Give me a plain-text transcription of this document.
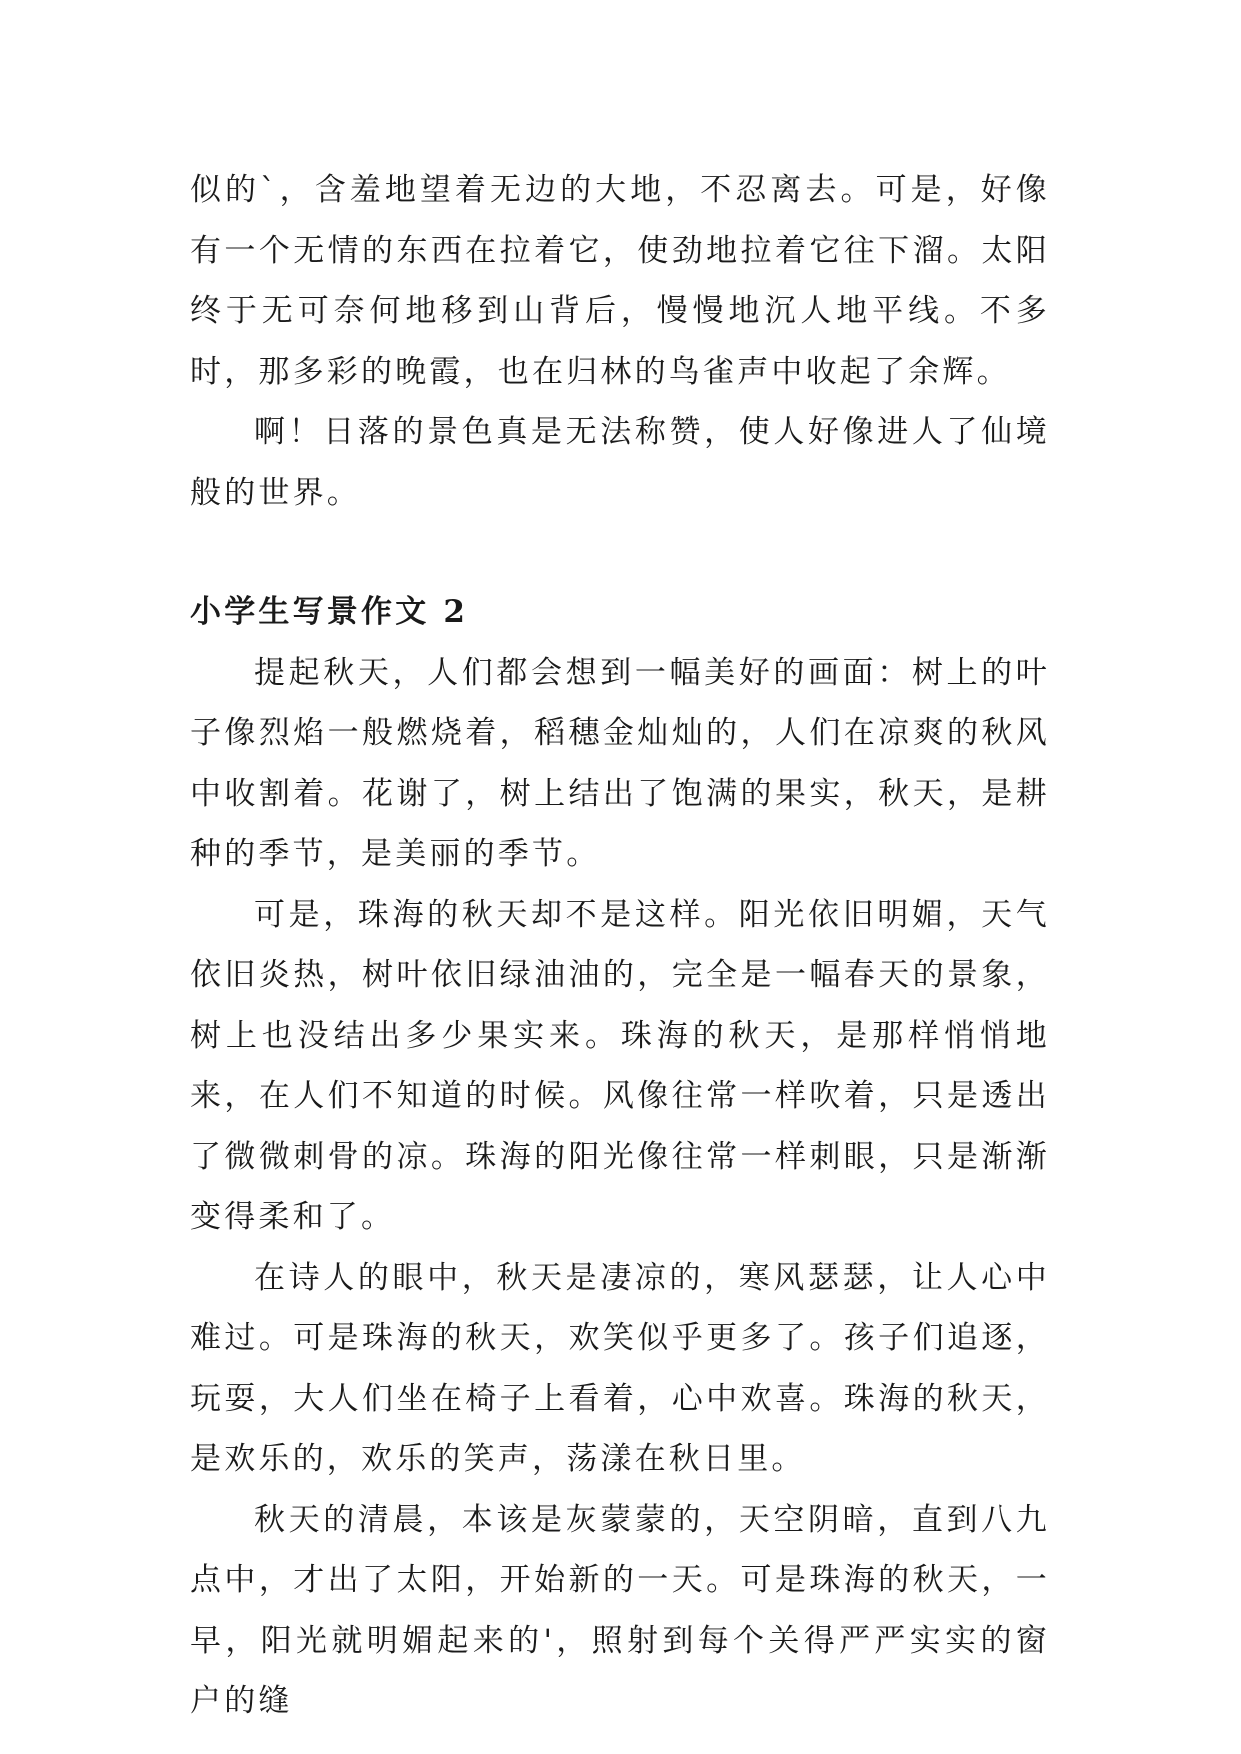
似的`，含羞地望着无边的大地，不忍离去。可是，好像有一个无情的东西在拉着它，使劲地拉着它往下溜。太阳终于无可奈何地移到山背后，慢慢地沉人地平线。不多时，那多彩的晚霞，也在归林的鸟雀声中收起了余辉。

啊！日落的景色真是无法称赞，使人好像进人了仙境般的世界。

小学生写景作文 2

提起秋天，人们都会想到一幅美好的画面：树上的叶子像烈焰一般燃烧着，稻穗金灿灿的，人们在凉爽的秋风中收割着。花谢了，树上结出了饱满的果实，秋天，是耕种的季节，是美丽的季节。

可是，珠海的秋天却不是这样。阳光依旧明媚，天气依旧炎热，树叶依旧绿油油的，完全是一幅春天的景象，树上也没结出多少果实来。珠海的秋天，是那样悄悄地来，在人们不知道的时候。风像往常一样吹着，只是透出了微微刺骨的凉。珠海的阳光像往常一样刺眼，只是渐渐变得柔和了。

在诗人的眼中，秋天是凄凉的，寒风瑟瑟，让人心中难过。可是珠海的秋天，欢笑似乎更多了。孩子们追逐，玩耍，大人们坐在椅子上看着，心中欢喜。珠海的秋天，是欢乐的，欢乐的笑声，荡漾在秋日里。

秋天的清晨，本该是灰蒙蒙的，天空阴暗，直到八九点中，才出了太阳，开始新的一天。可是珠海的秋天，一早，阳光就明媚起来的'，照射到每个关得严严实实的窗户的缝
